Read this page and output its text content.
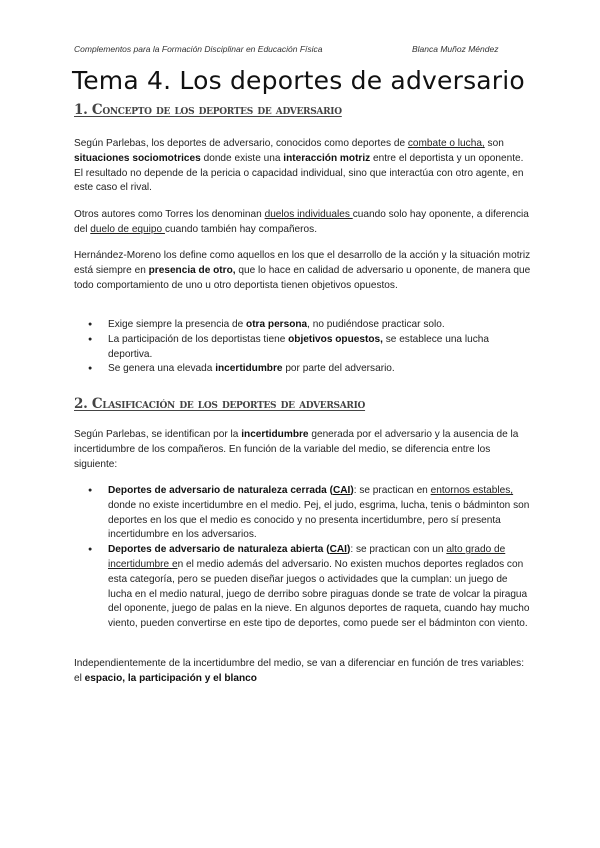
Complementos para la Formación Disciplinar en Educación Física	Blanca Muñoz Méndez
Tema 4. Los deportes de adversario
1. Concepto de los deportes de adversario

Según Parlebas, los deportes de adversario, conocidos como deportes de combate o lucha, son situaciones sociomotrices donde existe una interacción motriz entre el deportista y un oponente. El resultado no depende de la pericia o capacidad individual, sino que interactúa con otro agente, en este caso el rival.

Otros autores como Torres los denominan duelos individuales cuando solo hay oponente, a diferencia del duelo de equipo cuando también hay compañeros.

Hernández-Moreno los define como aquellos en los que el desarrollo de la acción y la situación motriz está siempre en presencia de otro, que lo hace en calidad de adversario u oponente, de manera que todo comportamiento de uno u otro deportista tienen objetivos opuestos.

● Exige siempre la presencia de otra persona, no pudiéndose practicar solo.
● La participación de los deportistas tiene objetivos opuestos, se establece una lucha deportiva.
● Se genera una elevada incertidumbre por parte del adversario.
2. Clasificación de los deportes de adversario

Según Parlebas, se identifican por la incertidumbre generada por el adversario y la ausencia de la incertidumbre de los compañeros. En función de la variable del medio, se diferencia entre los siguiente:

● Deportes de adversario de naturaleza cerrada (CAI): se practican en entornos estables, donde no existe incertidumbre en el medio. Pej, el judo, esgrima, lucha, tenis o bádminton son deportes en los que el medio es conocido y no presenta incertidumbre, pero sí presenta incertidumbre en los adversarios.
● Deportes de adversario de naturaleza abierta (CAI): se practican con un alto grado de incertidumbre en el medio además del adversario. No existen muchos deportes reglados con esta categoría, pero se pueden diseñar juegos o actividades que la cumplan: un juego de lucha en el medio natural, juego de derribo sobre piraguas donde se trate de volcar la piragua del oponente, juego de palas en la nieve. En algunos deportes de raqueta, cuando hay mucho viento, pueden convertirse en este tipo de deportes, como puede ser el bádminton con viento.

Independientemente de la incertidumbre del medio, se van a diferenciar en función de tres variables: el espacio, la participación y el blanco
